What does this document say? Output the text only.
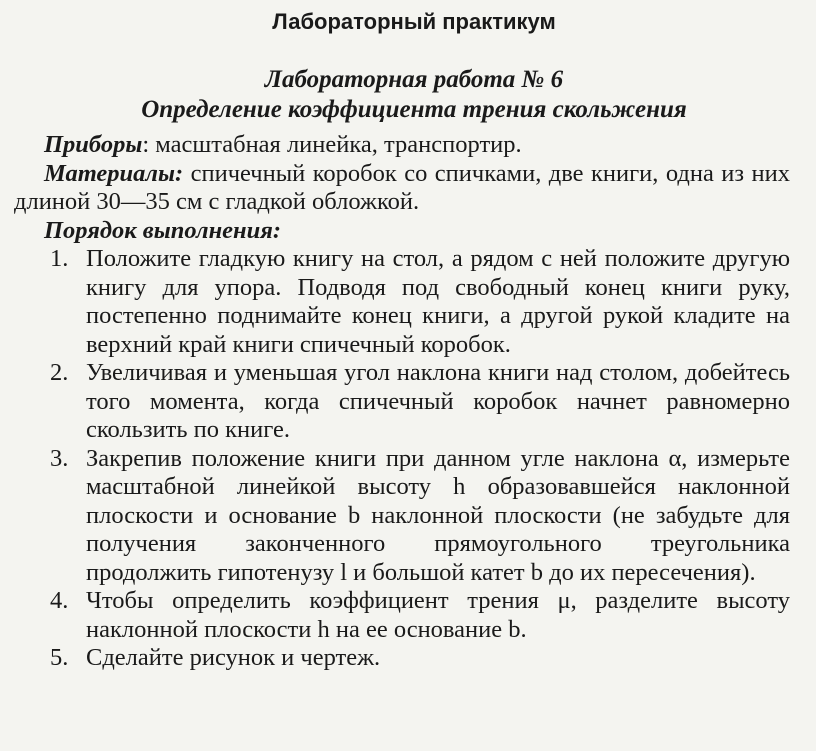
Лабораторный практикум
Лабораторная работа № 6
Определение коэффициента трения скольжения

Приборы: масштабная линейка, транспортир.

Материалы: спичечный коробок со спичками, две книги, одна из них длиной 30—35 см с гладкой обложкой.

Порядок выполнения:
1. Положите гладкую книгу на стол, а рядом с ней положите другую книгу для упора. Подводя под свободный конец книги руку, постепенно поднимайте конец книги, а другой рукой кладите на верхний край книги спичечный коробок.
2. Увеличивая и уменьшая угол наклона книги над столом, добейтесь того момента, когда спичечный коробок начнет равномерно скользить по книге.
3. Закрепив положение книги при данном угле наклона α, измерьте масштабной линейкой высоту h образовавшейся наклонной плоскости и основание b наклонной плоскости (не забудьте для получения законченного прямоугольного треугольника продолжить гипотенузу l и большой катет b до их пересечения).
4. Чтобы определить коэффициент трения μ, разделите высоту наклонной плоскости h на ее основание b.
5. Сделайте рисунок и чертеж.
